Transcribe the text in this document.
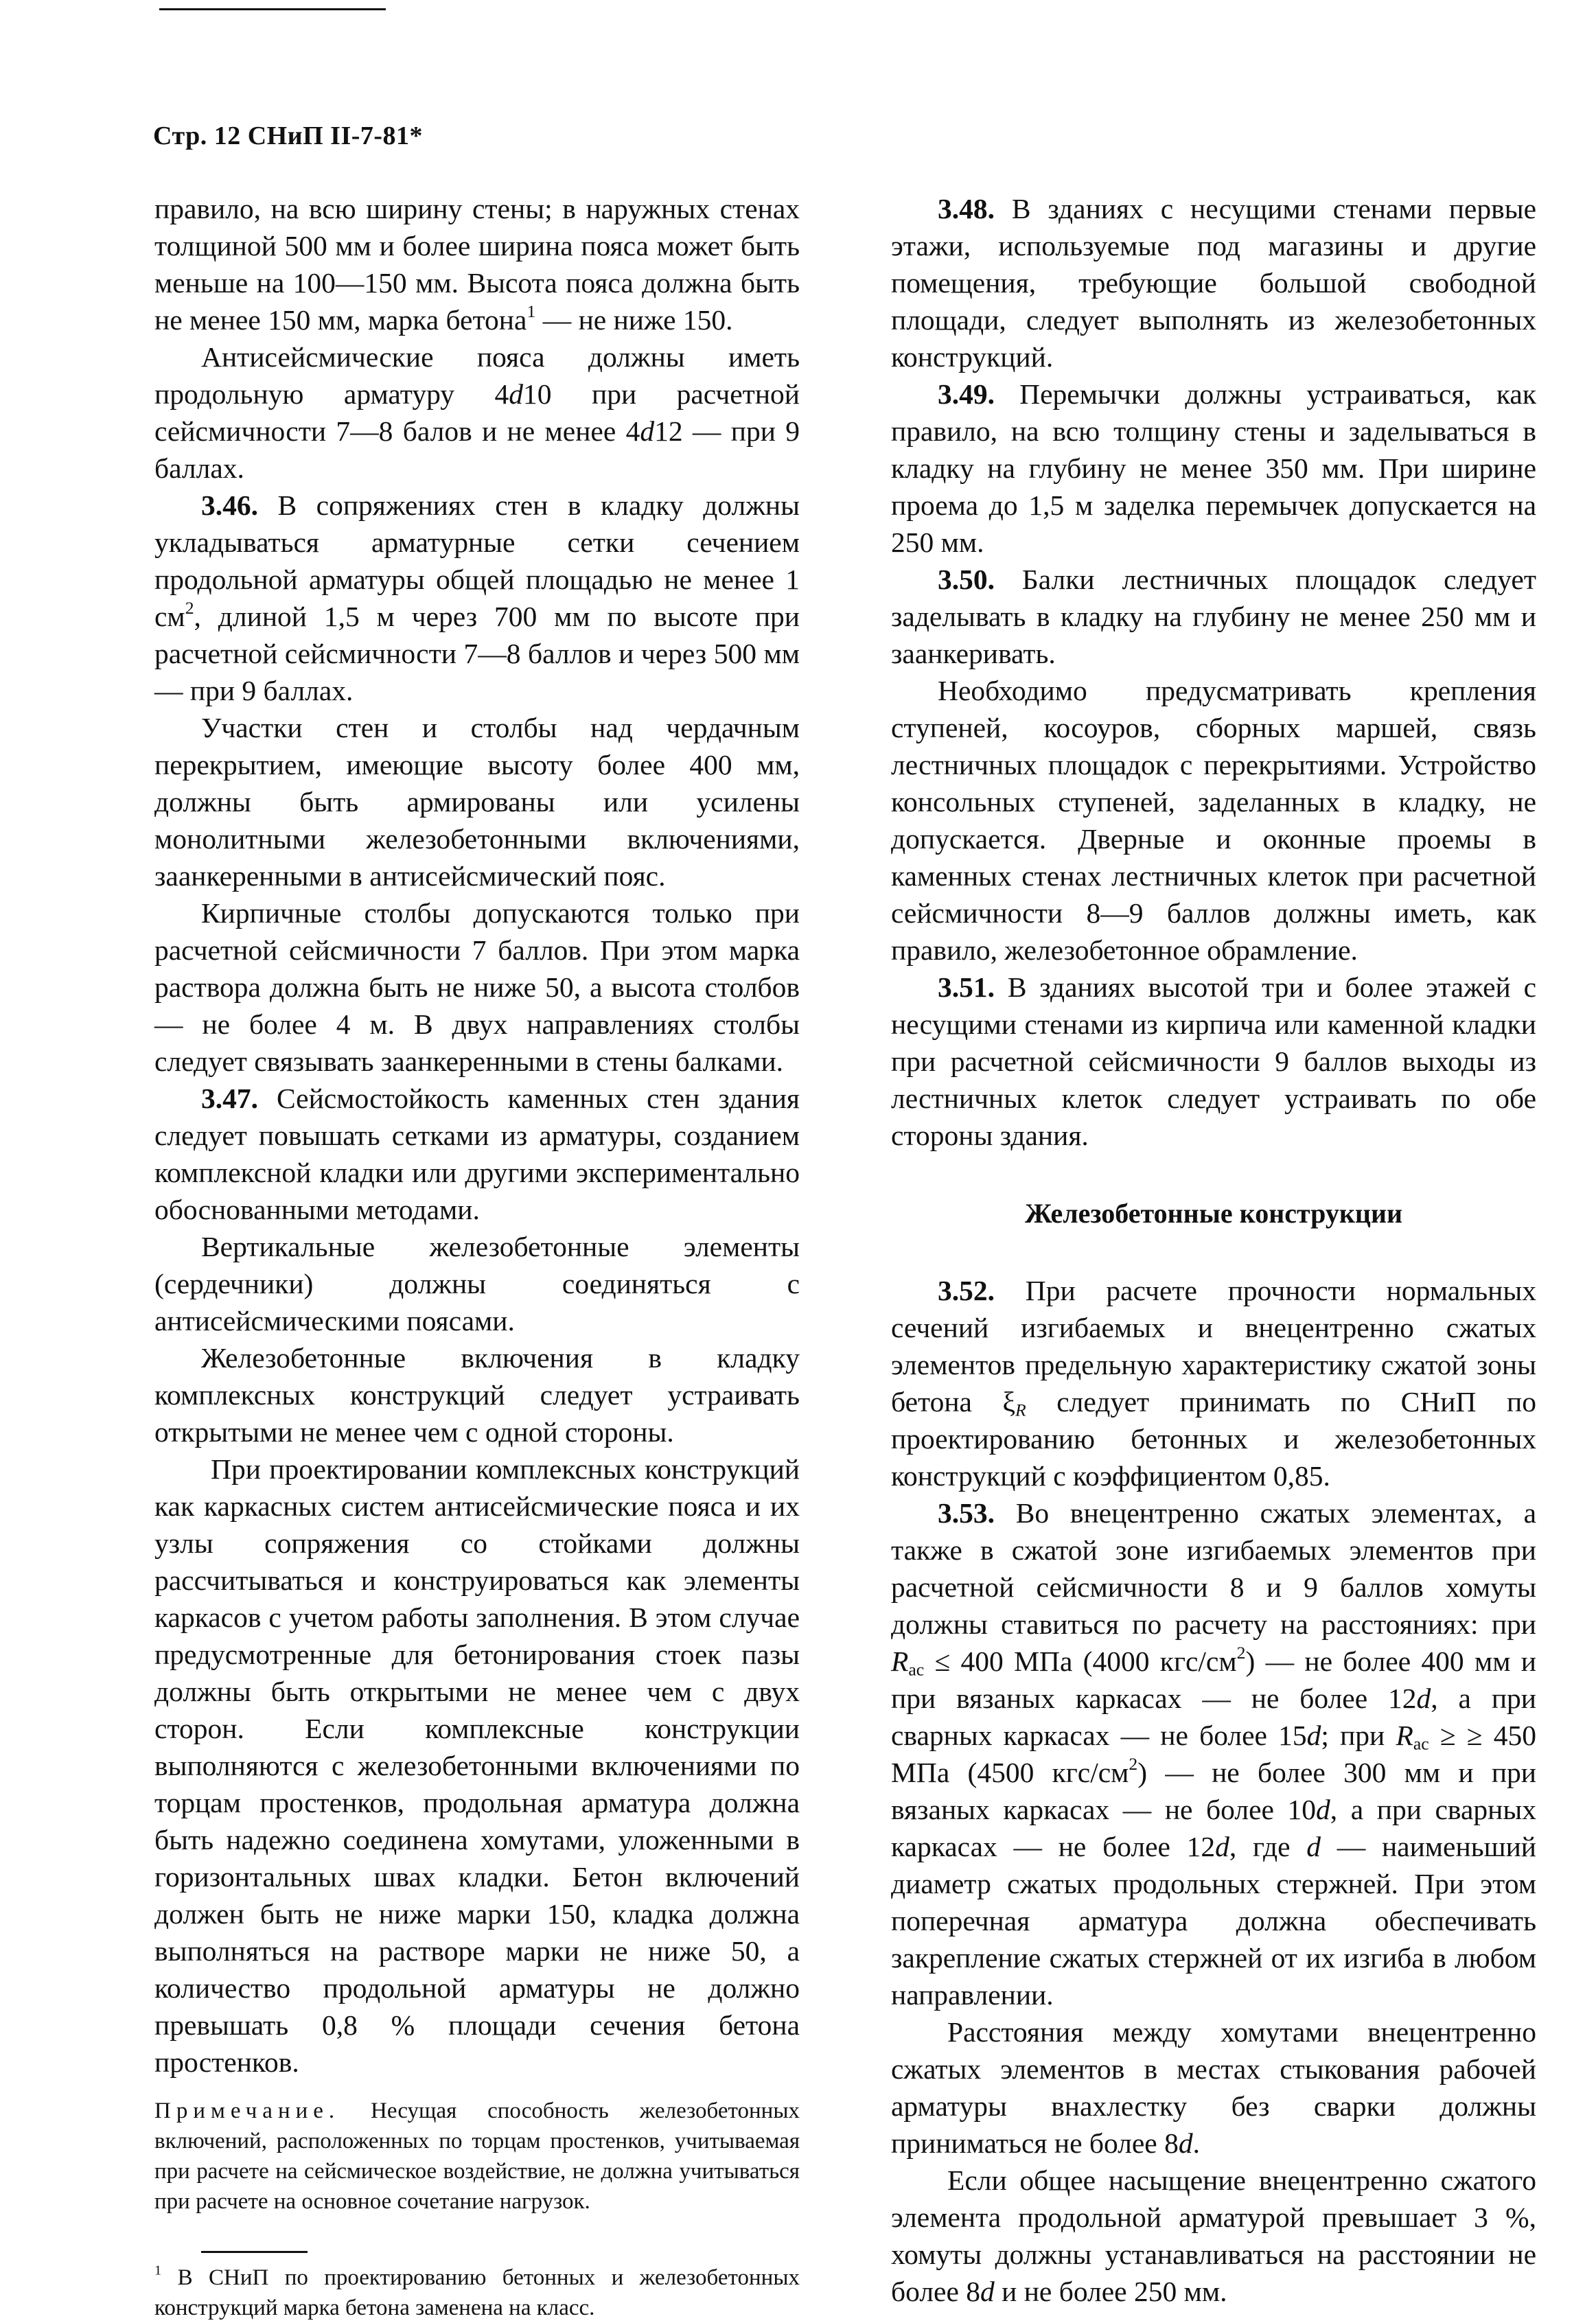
Стр. 12 СНиП II-7-81*

правило, на всю ширину стены; в наружных стенах толщиной 500 мм и более ширина пояса может быть меньше на 100—150 мм. Высота пояса должна быть не менее 150 мм, марка бетона$^1$ — не ниже 150.

Антисейсмические пояса должны иметь продольную арматуру 4d10 при расчетной сейсмичности 7—8 балов и не менее 4d12 — при 9 баллах.

3.46. В сопряжениях стен в кладку должны укладываться арматурные сетки сечением продольной арматуры общей площадью не менее 1 $см^2$, длиной 1,5 м через 700 мм по высоте при расчетной сейсмичности 7—8 баллов и через 500 мм — при 9 баллах.

Участки стен и столбы над чердачным перекрытием, имеющие высоту более 400 мм, должны быть армированы или усилены монолитными железобетонными включениями, заанкеренными в антисейсмический пояс.

Кирпичные столбы допускаются только при расчетной сейсмичности 7 баллов. При этом марка раствора должна быть не ниже 50, а высота столбов — не более 4 м. В двух направлениях столбы следует связывать заанкеренными в стены балками.

3.47. Сейсмостойкость каменных стен здания следует повышать сетками из арматуры, созданием комплексной кладки или другими экспериментально обоснованными методами.

Вертикальные железобетонные элементы (сердечники) должны соединяться с антисейсмическими поясами.

Железобетонные включения в кладку комплексных конструкций следует устраивать открытыми не менее чем с одной стороны.

При проектировании комплексных конструкций как каркасных систем антисейсмические пояса и их узлы сопряжения со стойками должны рассчитываться и конструироваться как элементы каркасов с учетом работы заполнения. В этом случае предусмотренные для бетонирования стоек пазы должны быть открытыми не менее чем с двух сторон. Если комплексные конструкции выполняются с железобетонными включениями по торцам простенков, продольная арматура должна быть надежно соединена хомутами, уложенными в горизонтальных швах кладки. Бетон включений должен быть не ниже марки 150, кладка должна выполняться на растворе марки не ниже 50, а количество продольной арматуры не должно превышать 0,8 % площади сечения бетона простенков.

Примечание. Несущая способность железобетонных включений, расположенных по торцам простенков, учитываемая при расчете на сейсмическое воздействие, не должна учитываться при расчете на основное сочетание нагрузок.

$^1$ В СНиП по проектированию бетонных и железобетонных конструкций марка бетона заменена на класс.

3.48. В зданиях с несущими стенами первые этажи, используемые под магазины и другие помещения, требующие большой свободной площади, следует выполнять из железобетонных конструкций.

3.49. Перемычки должны устраиваться, как правило, на всю толщину стены и заделываться в кладку на глубину не менее 350 мм. При ширине проема до 1,5 м заделка перемычек допускается на 250 мм.

3.50. Балки лестничных площадок следует заделывать в кладку на глубину не менее 250 мм и заанкеривать.

Необходимо предусматривать крепления ступеней, косоуров, сборных маршей, связь лестничных площадок с перекрытиями. Устройство консольных ступеней, заделанных в кладку, не допускается. Дверные и оконные проемы в каменных стенах лестничных клеток при расчетной сейсмичности 8—9 баллов должны иметь, как правило, железобетонное обрамление.

3.51. В зданиях высотой три и более этажей с несущими стенами из кирпича или каменной кладки при расчетной сейсмичности 9 баллов выходы из лестничных клеток следует устраивать по обе стороны здания.

Железобетонные конструкции

3.52. При расчете прочности нормальных сечений изгибаемых и внецентренно сжатых элементов предельную характеристику сжатой зоны бетона $\xi_R$ следует принимать по СНиП по проектированию бетонных и железобетонных конструкций с коэффициентом 0,85.

3.53. Во внецентренно сжатых элементах, а также в сжатой зоне изгибаемых элементов при расчетной сейсмичности 8 и 9 баллов хомуты должны ставиться по расчету на расстояниях: при $R_{ас} \le 400$ МПа (4000 кгс/$см^2$) — не более 400 мм и при вязаных каркасах — не более 12d, а при сварных каркасах — не более 15d; при $R_{ас}$ ≥ ≥ 450 МПа (4500 кгс/$см^2$) — не более 300 мм и при вязаных каркасах — не более 10d, а при сварных каркасах — не более 12d, где d — наименьший диаметр сжатых продольных стержней. При этом поперечная арматура должна обеспечивать закрепление сжатых стержней от их изгиба в любом направлении.

Расстояния между хомутами внецентренно сжатых элементов в местах стыкования рабочей арматуры внахлестку без сварки должны приниматься не более 8d.

Если общее насыщение внецентренно сжатого элемента продольной арматурой превышает 3 %, хомуты должны устанавливаться на расстоянии не более 8d и не более 250 мм.
